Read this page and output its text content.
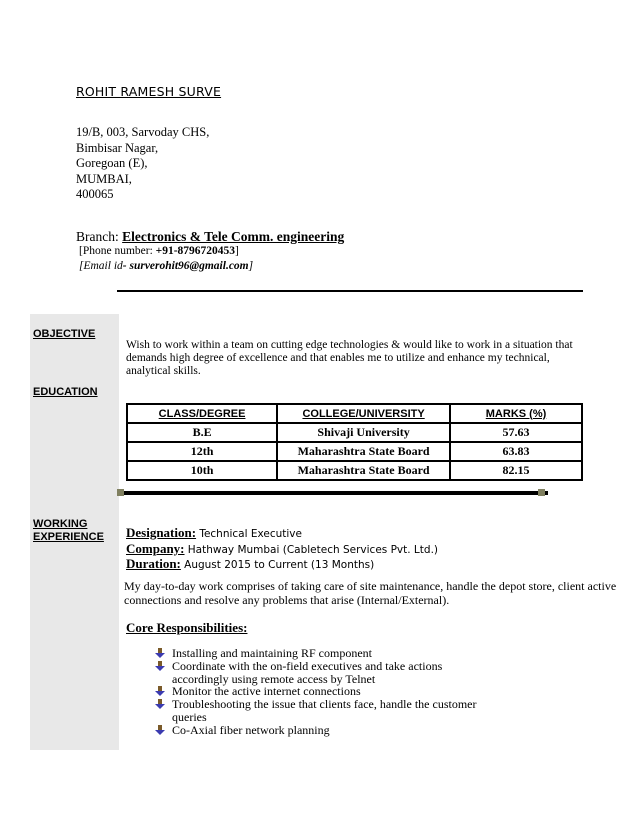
ROHIT RAMESH SURVE
19/B, 003, Sarvoday CHS,
Bimbisar Nagar,
Goregoan (E),
MUMBAI,
400065
Branch: Electronics & Tele Comm. engineering
[Phone number: +91-8796720453]
[Email id- surverohit96@gmail.com]
OBJECTIVE
EDUCATION
WORKING
EXPERIENCE
Wish to work within a team on cutting edge technologies & would like to work in a situation that demands high degree of excellence and that enables me to utilize and enhance my technical, analytical skills.
CLASS/DEGREE	COLLEGE/UNIVERSITY	MARKS (%)
B.E	Shivaji University	57.63
12th	Maharashtra State Board	63.83
10th	Maharashtra State Board	82.15
Designation: Technical Executive
Company: Hathway Mumbai (Cabletech Services Pvt. Ltd.)
Duration: August 2015 to Current (13 Months)
My day-to-day work comprises of taking care of site maintenance, handle the depot store, client active connections and resolve any problems that arise (Internal/External).
Core Responsibilities:
Installing and maintaining RF component
Coordinate with the on-field executives and take actions accordingly using remote access by Telnet
Monitor the active internet connections
Troubleshooting the issue that clients face, handle the customer queries
Co-Axial fiber network planning
